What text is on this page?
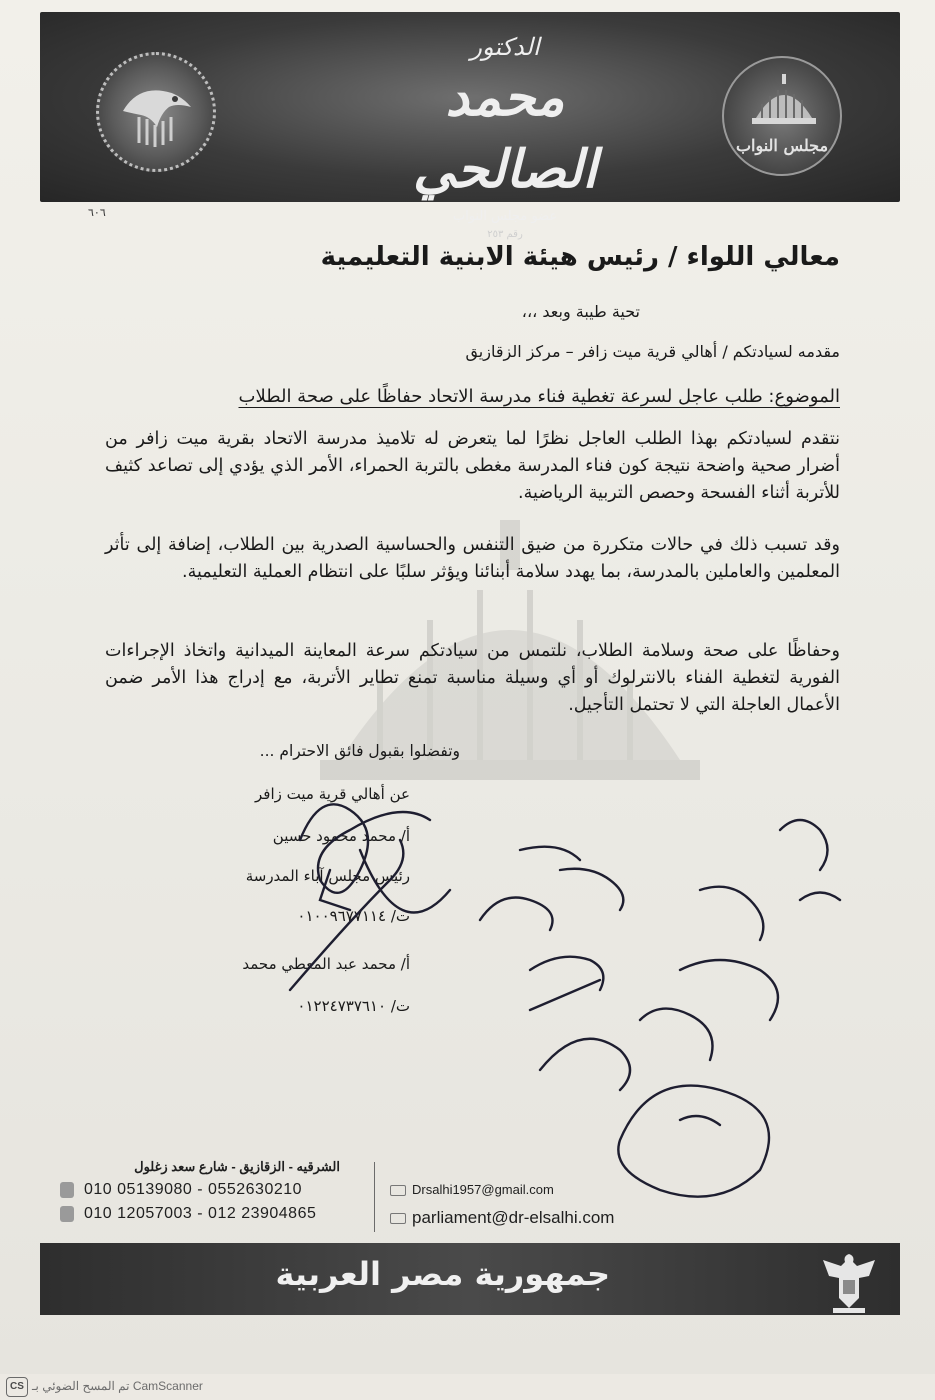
الدكتور
محمد الصالحي
عضو مجلس النواب
رقم ٢٥٣
مجلس النواب
٦٠٦
معالي اللواء / رئيس هيئة الابنية التعليمية
تحية طيبة وبعد ،،،
مقدمه لسيادتكم / أهالي قرية ميت زافر – مركز الزقازيق
الموضوع: طلب عاجل لسرعة تغطية فناء مدرسة الاتحاد حفاظًا على صحة الطلاب
نتقدم لسيادتكم بهذا الطلب العاجل نظرًا لما يتعرض له تلاميذ مدرسة الاتحاد بقرية ميت زافر من أضرار صحية واضحة نتيجة كون فناء المدرسة مغطى بالتربة الحمراء، الأمر الذي يؤدي إلى تصاعد كثيف للأتربة أثناء الفسحة وحصص التربية الرياضية.
وقد تسبب ذلك في حالات متكررة من ضيق التنفس والحساسية الصدرية بين الطلاب، إضافة إلى تأثر المعلمين والعاملين بالمدرسة، بما يهدد سلامة أبنائنا ويؤثر سلبًا على انتظام العملية التعليمية.
وحفاظًا على صحة وسلامة الطلاب، نلتمس من سيادتكم سرعة المعاينة الميدانية واتخاذ الإجراءات الفورية لتغطية الفناء بالانترلوك أو أي وسيلة مناسبة تمنع تطاير الأتربة، مع إدراج هذا الأمر ضمن الأعمال العاجلة التي لا تحتمل التأجيل.
وتفضلوا بقبول فائق الاحترام ...
عن أهالي قرية ميت زافر
أ/ محمد محمود حسين
رئيس مجلس آباء المدرسة
ت/ ٠١٠٠٩٦٧٧١١٤
أ/ محمد عبد المعطي محمد
ت/ ٠١٢٢٤٧٣٧٦١٠
الشرقيه - الزقازيق - شارع سعد زغلول
010 05139080 - 0552630210
010 12057003 - 012 23904865
Drsalhi1957@gmail.com
parliament@dr-elsalhi.com
جمهورية مصر العربية
CS تم المسح الضوئي بـ CamScanner
